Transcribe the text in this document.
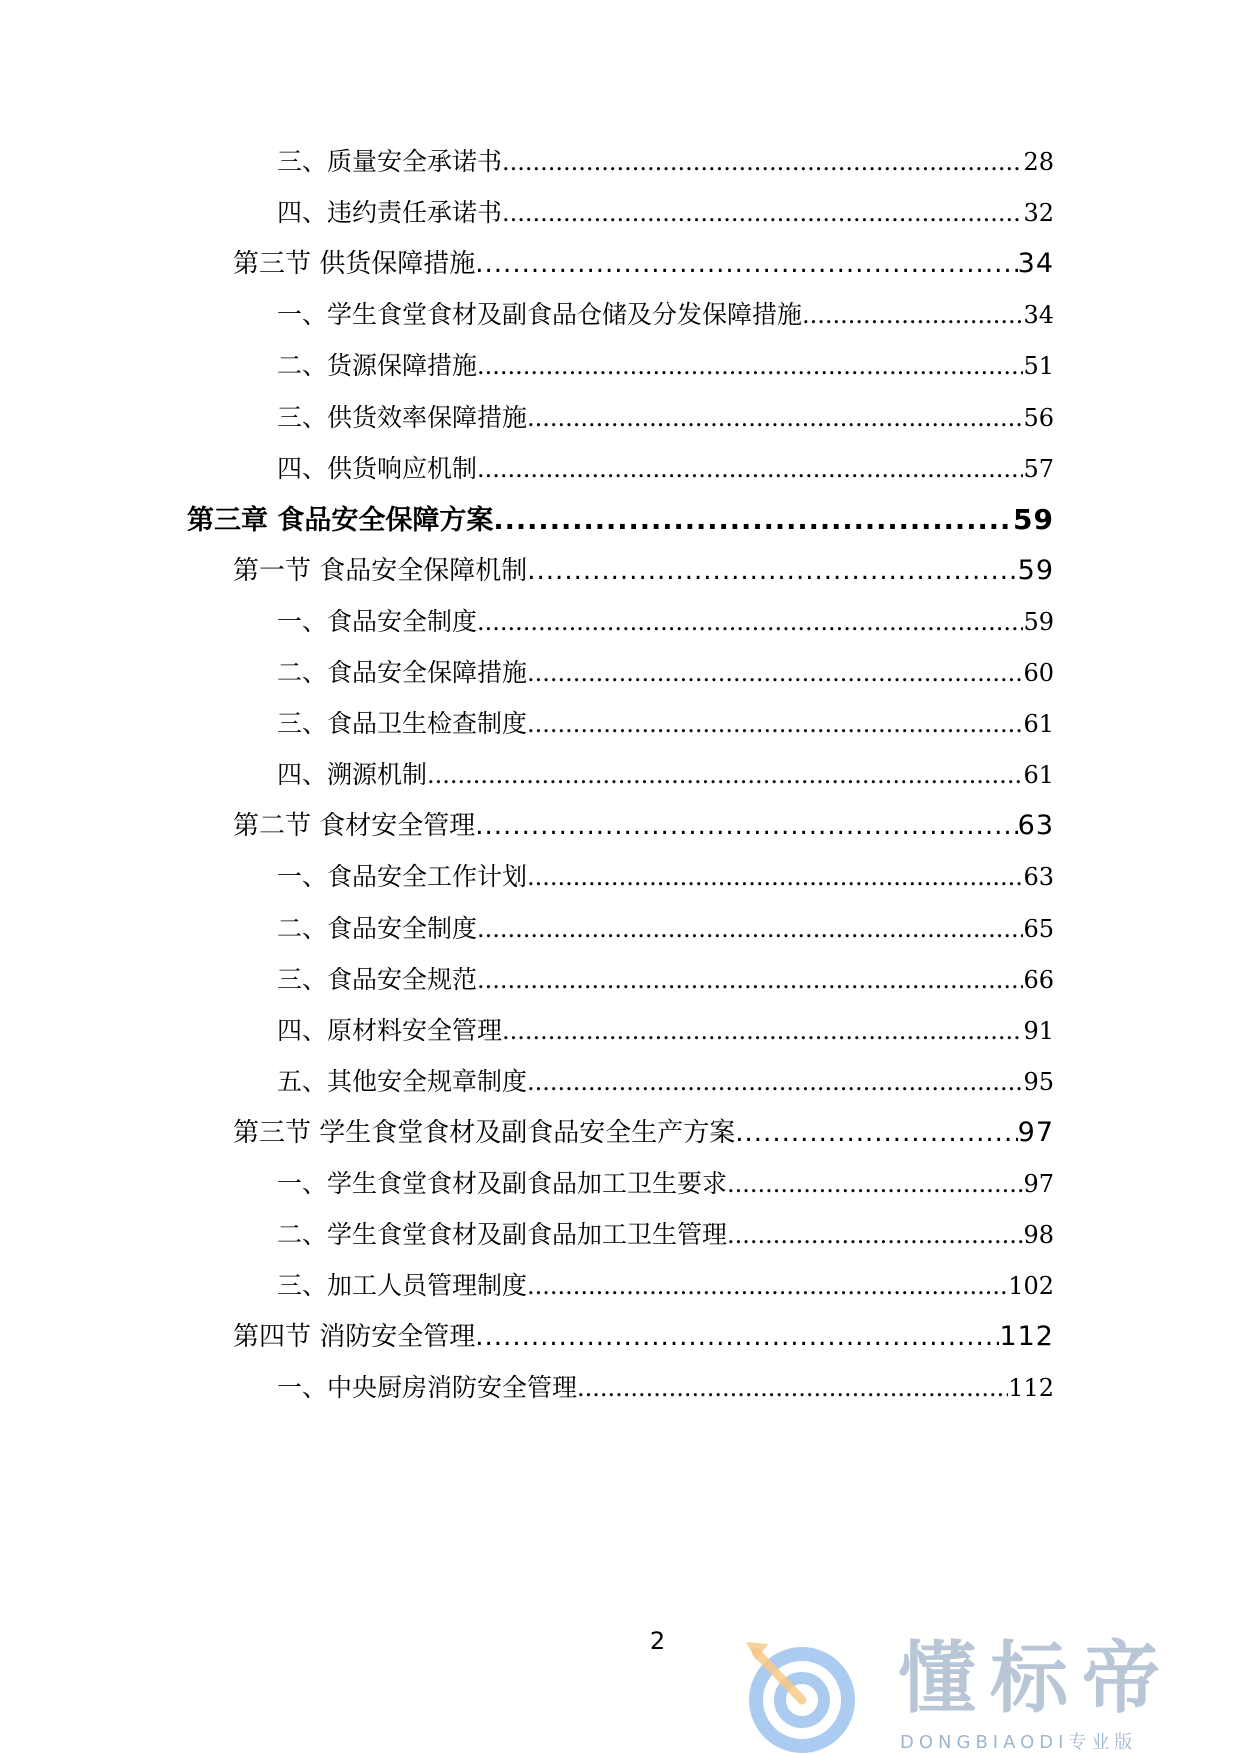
三、质量安全承诺书 .....	28
四、违约责任承诺书 .....	32
第三节 供货保障措施 .....	34
一、学生食堂食材及副食品仓储及分发保障措施 .....	34
二、货源保障措施 .....	51
三、供货效率保障措施 .....	56
四、供货响应机制 .....	57
第三章 食品安全保障方案 .....	59
第一节 食品安全保障机制 .....	59
一、食品安全制度 .....	59
二、食品安全保障措施 .....	60
三、食品卫生检查制度 .....	61
四、溯源机制 .....	61
第二节 食材安全管理 .....	63
一、食品安全工作计划 .....	63
二、食品安全制度 .....	65
三、食品安全规范 .....	66
四、原材料安全管理 .....	91
五、其他安全规章制度 .....	95
第三节 学生食堂食材及副食品安全生产方案 .....	97
一、学生食堂食材及副食品加工卫生要求 .....	97
二、学生食堂食材及副食品加工卫生管理 .....	98
三、加工人员管理制度 .....	102
第四节 消防安全管理 .....	112
一、中央厨房消防安全管理 .....	112
2	懂标帝
DONGBIAODI专业版
